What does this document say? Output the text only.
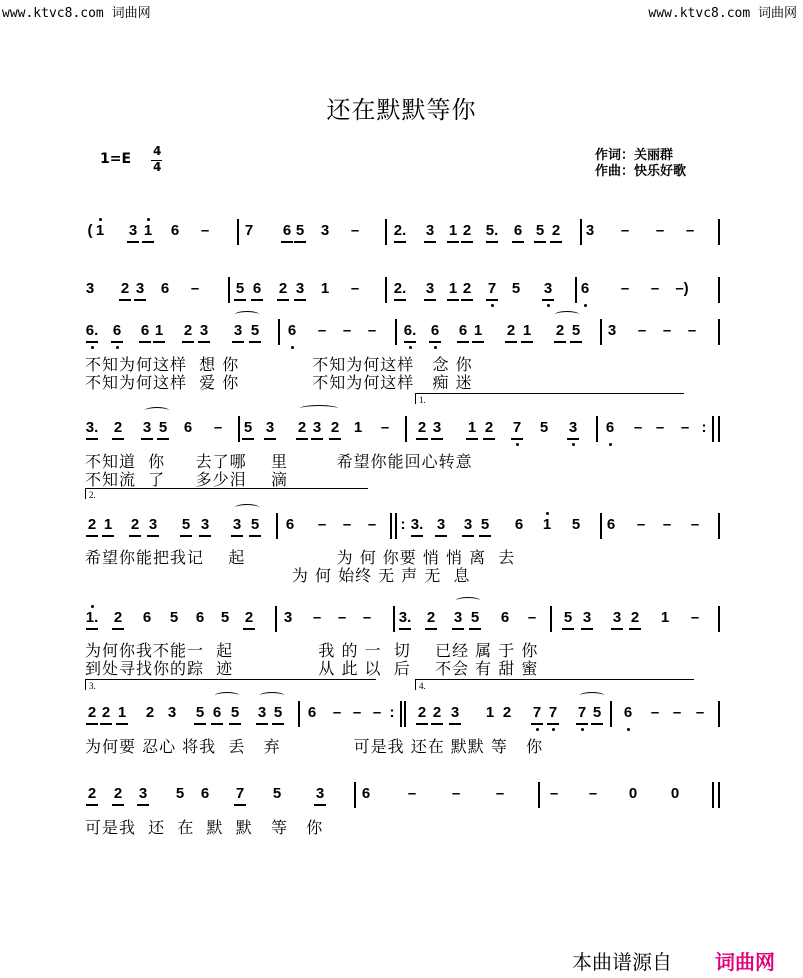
www.ktvc8.com 词曲网	www.ktvc8.com 词曲网
还在默默等你
1=E 4
4
作词：关丽群
作曲：快乐好歌
( 1 3 1 6 – 7 6 5 3 – 2. 3 1 2 5. 6 5 2 3 – – –
3 2 3 6 – 5 6 2 3 1 – 2. 3 1 2 7 5 3 6 – – –)
6. 6 6 1 2 3 3 5 6 – – – 6. 6 6 1 2 1 2 5 3 – – –
3. 2 3 5 6 – 5 3 2 3 2 1 – 2 3 1 2 7 5 3 6 – – – :
2 1 2 3 5 3 3 5 6 – – – : 3. 3 3 5 6 1 5 6 – – –
1. 2 6 5 6 5 2 3 – – – 3. 2 3 5 6 – 5 3 3 2 1 –
2 2 1 2 3 5 6 5 3 5 6 – – – : 2 2 3 1 2 7 7 7 5 6 – – –
2 2 3 5 6 7 5 3	6	– – –	– – 0 0
不知为何这样  想 你            不知为何这样   念 你
不知为何这样  爱 你            不知为何这样   痴 迷
不知道  你     去了哪    里        希望你能回心转意
不知流  了     多少泪    滴
希望你能把我记    起               为 何 你要 悄 悄 离  去
为 何 始终 无 声 无  息
为何你我不能一  起              我 的 一  切    已经 属 于 你
到处寻找你的踪  迹              从 此 以  后    不会 有 甜 蜜
为何要 忍心 将我  丢   弃            可是我 还在 默默 等   你
可是我  还  在  默  默   等   你
1.
2.
3.	4.
本曲谱源自 词曲网
